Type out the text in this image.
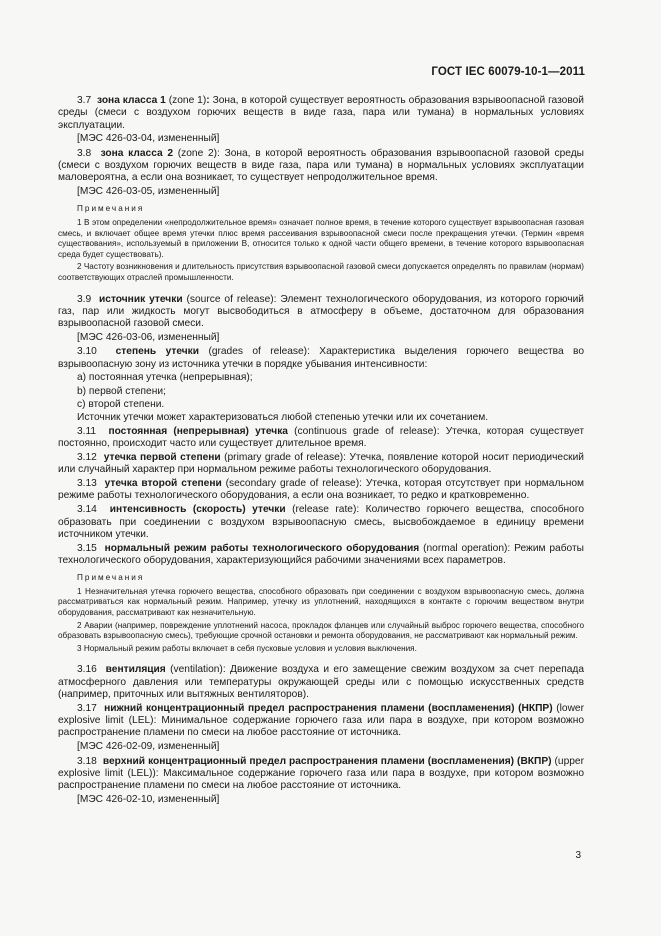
ГОСТ IEC 60079-10-1—2011

3.7 зона класса 1 (zone 1): Зона, в которой существует вероятность образования взрывоопасной газовой среды (смеси с воздухом горючих веществ в виде газа, пара или тумана) в нормальных условиях эксплуатации.

[МЭС 426-03-04, измененный]

3.8 зона класса 2 (zone 2): Зона, в которой вероятность образования взрывоопасной газовой среды (смеси с воздухом горючих веществ в виде газа, пара или тумана) в нормальных условиях эксплуатации маловероятна, а если она возникает, то существует непродолжительное время.

[МЭС 426-03-05, измененный]

Примечания

1 В этом определении «непродолжительное время» означает полное время, в течение которого существует взрывоопасная газовая смесь, и включает общее время утечки плюс время рассеивания взрывоопасной смеси после прекращения утечки. (Термин «время существования», используемый в приложении В, относится только к одной части общего времени, в течение которого взрывоопасная среда будет существовать).

2 Частоту возникновения и длительность присутствия взрывоопасной газовой смеси допускается определять по правилам (нормам) соответствующих отраслей промышленности.

3.9 источник утечки (source of release): Элемент технологического оборудования, из которого горючий газ, пар или жидкость могут высвободиться в атмосферу в объеме, достаточном для образования взрывоопасной газовой смеси.

[МЭС 426-03-06, измененный]

3.10 степень утечки (grades of release): Характеристика выделения горючего вещества во взрывоопасную зону из источника утечки в порядке убывания интенсивности:

a) постоянная утечка (непрерывная);

b) первой степени;

c) второй степени.

Источник утечки может характеризоваться любой степенью утечки или их сочетанием.

3.11 постоянная (непрерывная) утечка (continuous grade of release): Утечка, которая существует постоянно, происходит часто или существует длительное время.

3.12 утечка первой степени (primary grade of release): Утечка, появление которой носит периодический или случайный характер при нормальном режиме работы технологического оборудования.

3.13 утечка второй степени (secondary grade of release): Утечка, которая отсутствует при нормальном режиме работы технологического оборудования, а если она возникает, то редко и кратковременно.

3.14 интенсивность (скорость) утечки (release rate): Количество горючего вещества, способного образовать при соединении с воздухом взрывоопасную смесь, высвобождаемое в единицу времени источником утечки.

3.15 нормальный режим работы технологического оборудования (normal operation): Режим работы технологического оборудования, характеризующийся рабочими значениями всех параметров.

Примечания

1 Незначительная утечка горючего вещества, способного образовать при соединении с воздухом взрывоопасную смесь, должна рассматриваться как нормальный режим. Например, утечку из уплотнений, находящихся в контакте с горючим веществом внутри оборудования, рассматривают как незначительную.

2 Аварии (например, повреждение уплотнений насоса, прокладок фланцев или случайный выброс горючего вещества, способного образовать взрывоопасную смесь), требующие срочной остановки и ремонта оборудования, не рассматривают как нормальный режим.

3 Нормальный режим работы включает в себя пусковые условия и условия выключения.

3.16 вентиляция (ventilation): Движение воздуха и его замещение свежим воздухом за счет перепада атмосферного давления или температуры окружающей среды или с помощью искусственных средств (например, приточных или вытяжных вентиляторов).

3.17 нижний концентрационный предел распространения пламени (воспламенения) (НКПР) (lower explosive limit (LEL): Минимальное содержание горючего газа или пара в воздухе, при котором возможно распространение пламени по смеси на любое расстояние от источника.

[МЭС 426-02-09, измененный]

3.18 верхний концентрационный предел распространения пламени (воспламенения) (ВКПР) (upper explosive limit (LEL)): Максимальное содержание горючего газа или пара в воздухе, при котором возможно распространение пламени по смеси на любое расстояние от источника.

[МЭС 426-02-10, измененный]

3
